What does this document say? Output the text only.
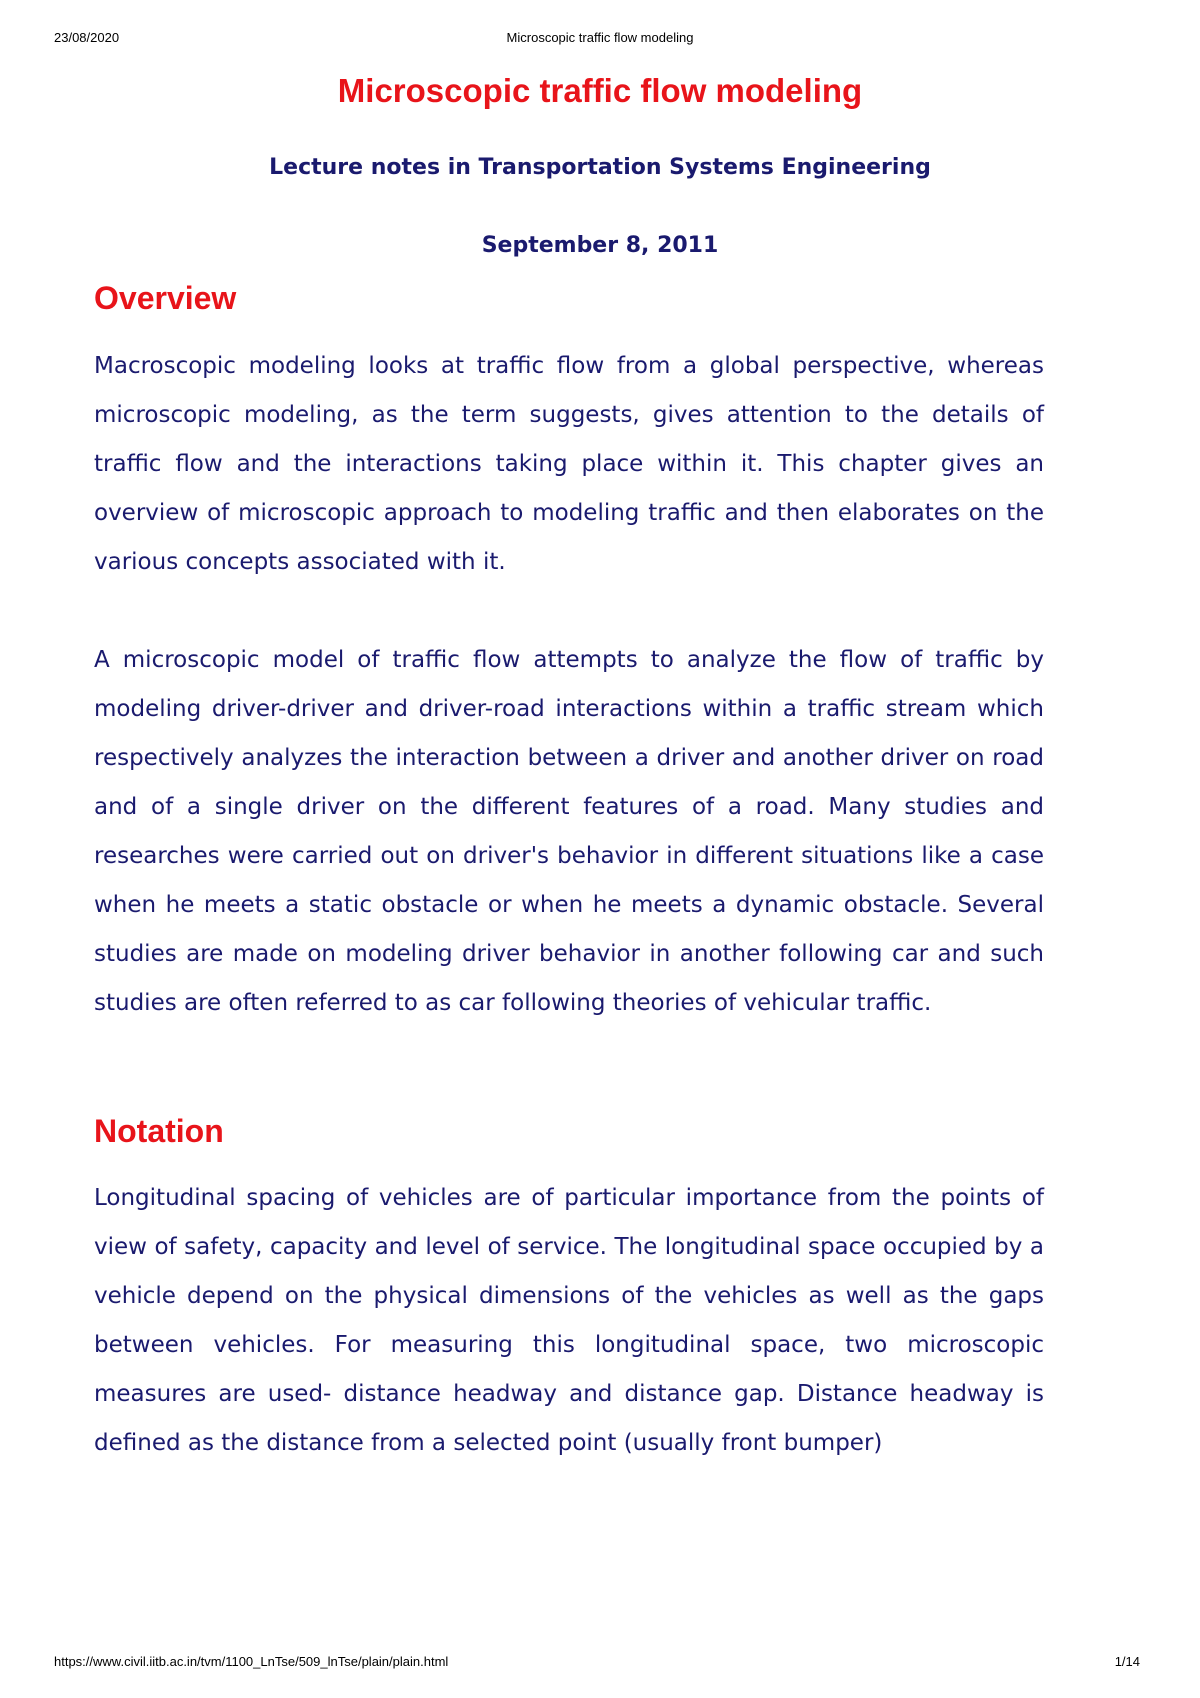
23/08/2020	Microscopic traffic flow modeling
Microscopic traffic flow modeling
Lecture notes in Transportation Systems Engineering
September 8, 2011
Overview

Macroscopic modeling looks at traffic flow from a global perspective, whereas microscopic modeling, as the term suggests, gives attention to the details of traffic flow and the interactions taking place within it. This chapter gives an overview of microscopic approach to modeling traffic and then elaborates on the various concepts associated with it.

A microscopic model of traffic flow attempts to analyze the flow of traffic by modeling driver-driver and driver-road interactions within a traffic stream which respectively analyzes the interaction between a driver and another driver on road and of a single driver on the different features of a road. Many studies and researches were carried out on driver's behavior in different situations like a case when he meets a static obstacle or when he meets a dynamic obstacle. Several studies are made on modeling driver behavior in another following car and such studies are often referred to as car following theories of vehicular traffic.

Notation

Longitudinal spacing of vehicles are of particular importance from the points of view of safety, capacity and level of service. The longitudinal space occupied by a vehicle depend on the physical dimensions of the vehicles as well as the gaps between vehicles. For measuring this longitudinal space, two microscopic measures are used- distance headway and distance gap. Distance headway is defined as the distance from a selected point (usually front bumper)

https://www.civil.iitb.ac.in/tvm/1100_LnTse/509_lnTse/plain/plain.html	1/14
